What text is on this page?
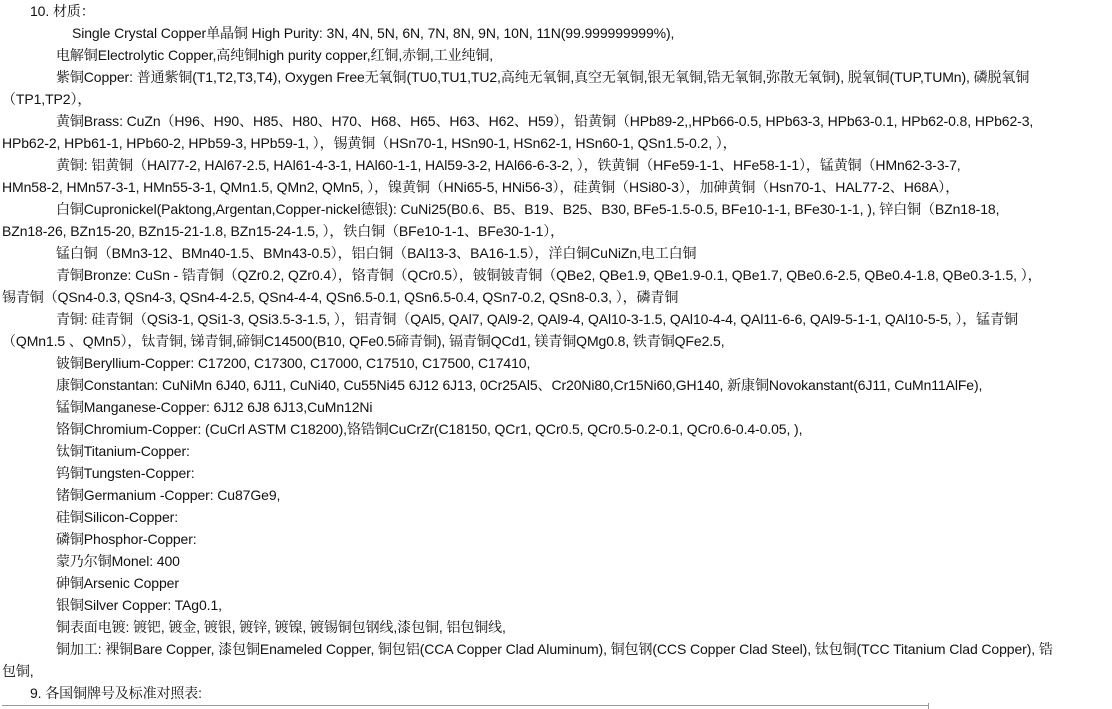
10. 材质：
Single Crystal Copper单晶铜 High Purity: 3N, 4N, 5N, 6N, 7N, 8N, 9N, 10N, 11N(99.999999999%),
电解铜Electrolytic Copper,高纯铜high purity copper,红铜,赤铜,工业纯铜,
紫铜Copper: 普通紫铜(T1,T2,T3,T4), Oxygen Free无氧铜(TU0,TU1,TU2,高纯无氧铜,真空无氧铜,银无氧铜,锆无氧铜,弥散无氧铜), 脱氧铜(TUP,TUMn), 磷脱氧铜
（TP1,TP2），
黄铜Brass: CuZn（H96、H90、H85、H80、H70、H68、H65、H63、H62、H59），铅黄铜（HPb89-2,,HPb66-0.5, HPb63-3, HPb63-0.1, HPb62-0.8, HPb62-3,
HPb62-2, HPb61-1, HPb60-2, HPb59-3, HPb59-1, ），锡黄铜（HSn70-1, HSn90-1, HSn62-1, HSn60-1, QSn1.5-0.2, ），
黄铜: 铝黄铜（HAl77-2, HAl67-2.5, HAl61-4-3-1, HAl60-1-1, HAl59-3-2, HAl66-6-3-2, ），铁黄铜（HFe59-1-1、HFe58-1-1），锰黄铜（HMn62-3-3-7,
HMn58-2, HMn57-3-1, HMn55-3-1, QMn1.5, QMn2, QMn5, ），镍黄铜（HNi65-5, HNi56-3），硅黄铜（HSi80-3），加砷黄铜（Hsn70-1、HAL77-2、H68A），
白铜Cupronickel(Paktong,Argentan,Copper-nickel德银): CuNi25(B0.6、B5、B19、B25、B30, BFe5-1.5-0.5, BFe10-1-1, BFe30-1-1, ), 锌白铜（BZn18-18,
BZn18-26, BZn15-20, BZn15-21-1.8, BZn15-24-1.5, ），铁白铜（BFe10-1-1、BFe30-1-1），
锰白铜（BMn3-12、BMn40-1.5、BMn43-0.5），铝白铜（BAl13-3、BA16-1.5），洋白铜CuNiZn,电工白铜
青铜Bronze: CuSn - 锆青铜（QZr0.2, QZr0.4），铬青铜（QCr0.5），铍铜铍青铜（QBe2, QBe1.9, QBe1.9-0.1, QBe1.7, QBe0.6-2.5, QBe0.4-1.8, QBe0.3-1.5, ），
锡青铜（QSn4-0.3, QSn4-3, QSn4-4-2.5, QSn4-4-4, QSn6.5-0.1, QSn6.5-0.4, QSn7-0.2, QSn8-0.3, ），磷青铜
青铜: 硅青铜（QSi3-1, QSi1-3, QSi3.5-3-1.5, ），铝青铜（QAl5, QAl7, QAl9-2, QAl9-4, QAl10-3-1.5, QAl10-4-4, QAl11-6-6, QAl9-5-1-1, QAl10-5-5, ），锰青铜
（QMn1.5 、QMn5），钛青铜, 锑青铜,碲铜C14500(B10, QFe0.5碲青铜), 镉青铜QCd1, 镁青铜QMg0.8, 铁青铜QFe2.5,
铍铜Beryllium-Copper: C17200, C17300, C17000, C17510, C17500, C17410,
康铜Constantan: CuNiMn 6J40, 6J11, CuNi40, Cu55Ni45 6J12 6J13, 0Cr25Al5、Cr20Ni80,Cr15Ni60,GH140, 新康铜Novokanstant(6J11, CuMn11AlFe),
锰铜Manganese-Copper: 6J12 6J8 6J13,CuMn12Ni
铬铜Chromium-Copper: (CuCrl ASTM C18200),铬锆铜CuCrZr(C18150, QCr1, QCr0.5, QCr0.5-0.2-0.1, QCr0.6-0.4-0.05, ),
钛铜Titanium-Copper:
钨铜Tungsten-Copper:
锗铜Germanium -Copper: Cu87Ge9,
硅铜Silicon-Copper:
磷铜Phosphor-Copper:
蒙乃尔铜Monel: 400
砷铜Arsenic Copper
银铜Silver Copper: TAg0.1,
铜表面电镀: 镀钯, 镀金, 镀银, 镀锌, 镀镍, 镀锡铜包钢线,漆包铜, 铝包铜线,
铜加工: 裸铜Bare Copper, 漆包铜Enameled Copper, 铜包铝(CCA Copper Clad Aluminum), 铜包钢(CCS Copper Clad Steel), 钛包铜(TCC Titanium Clad Copper), 锆
包铜,
9. 各国铜牌号及标准对照表:
